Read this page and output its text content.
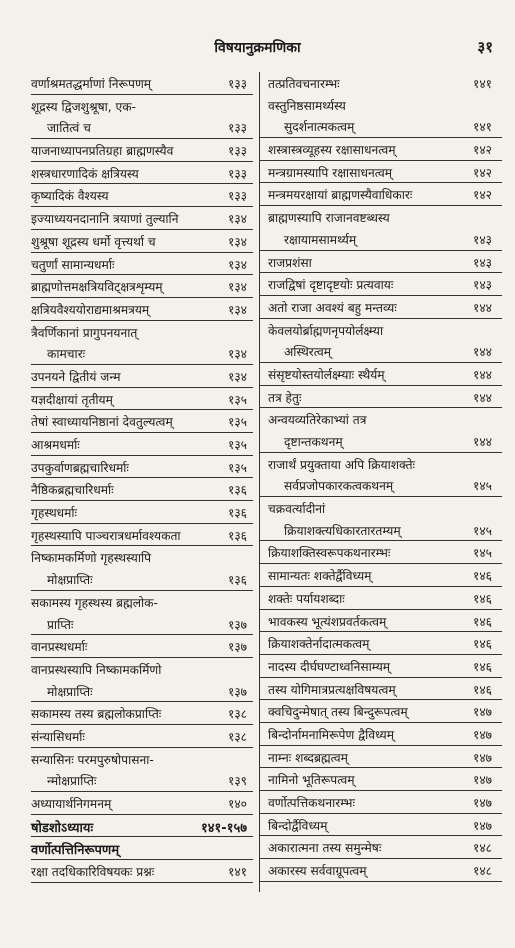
विषयानुक्रमणिका	३१
वर्णाश्रमतद्धर्माणां निरूपणम्	१३३
शूद्रस्य द्विजशुश्रूषा, एक-
जातित्वं च	१३३
याजनाध्यापनप्रतिग्रहा ब्राह्मणस्यैव	१३३
शस्त्रधारणादिकं क्षत्रियस्य	१३३
कृष्यादिकं वैश्यस्य	१३३
इज्याध्ययनदानानि त्रयाणां तुल्यानि	१३४
शुश्रूषा शूद्रस्य धर्मो वृत्त्यर्था च	१३४
चतुर्णां सामान्यधर्माः	१३४
ब्राह्मणोत्तमक्षत्रियविट्क्षत्रशृम्यम्	१३४
क्षत्रियवैश्ययोराद्यमाश्रमत्रयम्	१३४
त्रैवर्णिकानां प्रागुपनयनात्
कामचारः	१३४
उपनयने द्वितीयं जन्म	१३४
यज्ञदीक्षायां तृतीयम्	१३५
तेषां स्वाध्यायनिष्ठानां देवतुल्यत्वम्	१३५
आश्रमधर्माः	१३५
उपकुर्वाणब्रह्मचारिधर्माः	१३५
नैष्ठिकब्रह्मचारिधर्माः	१३६
गृहस्थधर्माः	१३६
गृहस्थस्यापि पाञ्चरात्रधर्मावश्यकता	१३६
निष्कामकर्मिणो गृहस्थस्यापि
मोक्षप्राप्तिः	१३६
सकामस्य गृहस्थस्य ब्रह्मलोक-
प्राप्तिः	१३७
वानप्रस्थधर्माः	१३७
वानप्रस्थस्यापि निष्कामकर्मिणो
मोक्षप्राप्तिः	१३७
सकामस्य तस्य ब्रह्मलोकप्राप्तिः	१३८
संन्यासिधर्माः	१३८
सन्यासिनः परमपुरुषोपासना-
न्मोक्षप्राप्तिः	१३९
अध्यायार्थनिगमनम्	१४०
षोडशोऽध्यायः	१४१-१५७
वर्णोत्पत्तिनिरूपणम्
रक्षा तदधिकारिविषयकः प्रश्नः	१४१
तत्प्रतिवचनारम्भः	१४१
वस्तुनिष्ठसामर्थ्यस्य
सुदर्शनात्मकत्वम्	१४१
शस्त्रास्त्रव्यूहस्य रक्षासाधनत्वम्	१४२
मन्त्रग्रामस्यापि रक्षासाधनत्वम्	१४२
मन्त्रमयरक्षायां ब्राह्मणस्यैवाधिकारः	१४२
ब्राह्मणस्यापि राजानवष्टब्धस्य
रक्षायामसामर्थ्यम्	१४३
राजप्रशंसा	१४३
राजद्विषां दृष्टादृष्टयोः प्रत्यवायः	१४३
अतो राजा अवश्यं बहु मन्तव्यः	१४४
केवलयोर्ब्राह्मणनृपयोर्लक्ष्म्या
अस्थिरत्वम्	१४४
संसृष्टयोस्तयोर्लक्ष्म्याः स्थैर्यम्	१४४
तत्र हेतुः	१४४
अन्वयव्यतिरेकाभ्यां तत्र
दृष्टान्तकथनम्	१४४
राजार्थं प्रयुक्ताया अपि क्रियाशक्तेः
सर्वप्रजोपकारकत्वकथनम्	१४५
चक्रवर्त्यादीनां
क्रियाशक्त्यधिकारतारतम्यम्	१४५
क्रियाशक्तिस्वरूपकथनारम्भः	१४५
सामान्यतः शक्तेर्द्वैविध्यम्	१४६
शक्तेः पर्यायशब्दाः	१४६
भावकस्य भूत्यंशप्रवर्तकत्वम्	१४६
क्रियाशक्तेर्नादात्मकत्वम्	१४६
नादस्य दीर्घघण्टाध्वनिसाम्यम्	१४६
तस्य योगिमात्रप्रत्यक्षविषयत्वम्	१४६
क्वचिदुन्मेषात् तस्य बिन्दुरूपत्वम्	१४७
बिन्दोर्नामनामिरूपेण द्वैविध्यम्	१४७
नाम्नः शब्दब्रह्मत्वम्	१४७
नामिनो भूतिरूपत्वम्	१४७
वर्णोत्पत्तिकथनारम्भः	१४७
बिन्दोर्द्वैविध्यम्	१४७
अकारात्मना तस्य समुन्मेषः	१४८
अकारस्य सर्ववाग्रूपत्वम्	१४८
